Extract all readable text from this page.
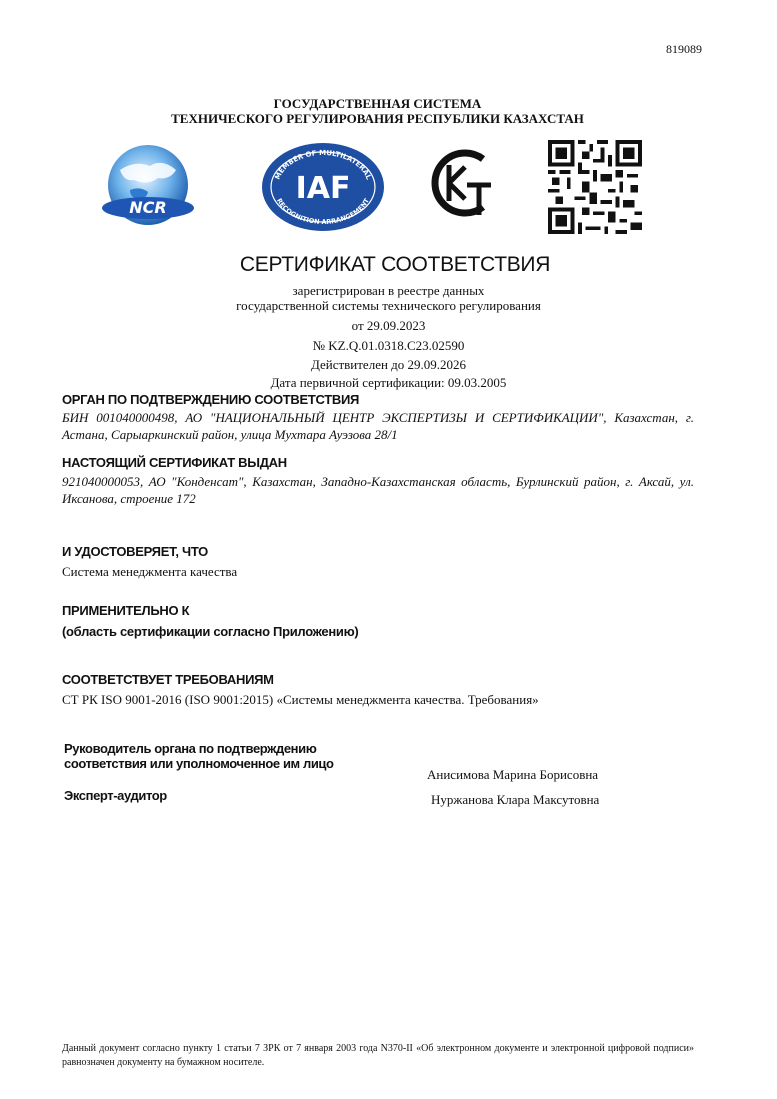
819089
ГОСУДАРСТВЕННАЯ СИСТЕМА
ТЕХНИЧЕСКОГО РЕГУЛИРОВАНИЯ РЕСПУБЛИКИ КАЗАХСТАН
NCR
MEMBER OF MULTILATERAL
RECOGNITION ARRANGEMENT
IAF
KZ
СЕРТИФИКАТ СООТВЕТСТВИЯ
зарегистрирован в реестре данных
государственной системы технического регулирования
от 29.09.2023
№ KZ.Q.01.0318.C23.02590
Действителен до 29.09.2026
Дата первичной сертификации: 09.03.2005
ОРГАН ПО ПОДТВЕРЖДЕНИЮ СООТВЕТСТВИЯ
БИН 001040000498, АО "НАЦИОНАЛЬНЫЙ ЦЕНТР ЭКСПЕРТИЗЫ И СЕРТИФИКАЦИИ", Казахстан, г. Астана, Сарыаркинский район, улица Мухтара Ауэзова 28/1
НАСТОЯЩИЙ СЕРТИФИКАТ ВЫДАН
921040000053, АО "Конденсат", Казахстан, Западно-Казахстанская область, Бурлинский район, г. Аксай, ул. Иксанова, строение 172
И УДОСТОВЕРЯЕТ, ЧТО
Система менеджмента качества
ПРИМЕНИТЕЛЬНО К
(область сертификации согласно Приложению)
СООТВЕТСТВУЕТ ТРЕБОВАНИЯМ
СТ РК ISO 9001-2016 (ISO 9001:2015) «Системы менеджмента качества. Требования»
Руководитель органа по подтверждению
соответствия или уполномоченное им лицо
Анисимова Марина Борисовна
Эксперт-аудитор	Нуржанова Клара Максутовна
Данный документ согласно пункту 1 статьи 7 ЗРК от 7 января 2003 года N370-II «Об электронном документе и электронной цифровой подписи» равнозначен документу на бумажном носителе.
